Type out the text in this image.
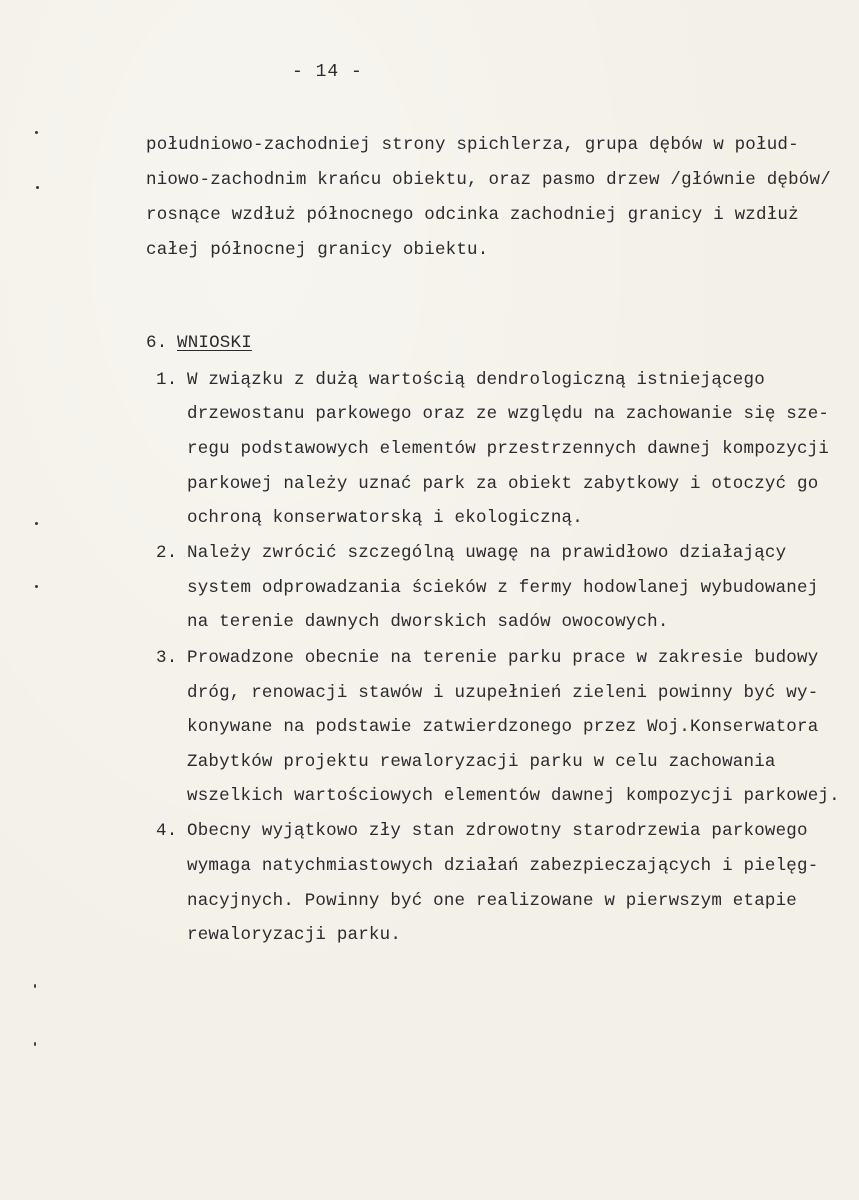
- 14 -
południowo-zachodniej strony spichlerza, grupa dębów w połud-
niowo-zachodnim krańcu obiektu, oraz pasmo drzew /głównie dębów/
rosnące wzdłuż północnego odcinka zachodniej granicy i wzdłuż
całej północnej granicy obiektu.
6. WNIOSKI
1. W związku z dużą wartością dendrologiczną istniejącego
drzewostanu parkowego oraz ze względu na zachowanie się sze-
regu podstawowych elementów przestrzennych dawnej kompozycji
parkowej należy uznać park za obiekt zabytkowy i otoczyć go
ochroną konserwatorską i ekologiczną.
2. Należy zwrócić szczególną uwagę na prawidłowo działający
system odprowadzania ścieków z fermy hodowlanej wybudowanej
na terenie dawnych dworskich sadów owocowych.
3. Prowadzone obecnie na terenie parku prace w zakresie budowy
dróg, renowacji stawów i uzupełnień zieleni powinny być wy-
konywane na podstawie zatwierdzonego przez Woj.Konserwatora
Zabytków projektu rewaloryzacji parku w celu zachowania
wszelkich wartościowych elementów dawnej kompozycji parkowej.
4. Obecny wyjątkowo zły stan zdrowotny starodrzewia parkowego
wymaga natychmiastowych działań zabezpieczających i pielęg-
nacyjnych. Powinny być one realizowane w pierwszym etapie
rewaloryzacji parku.
